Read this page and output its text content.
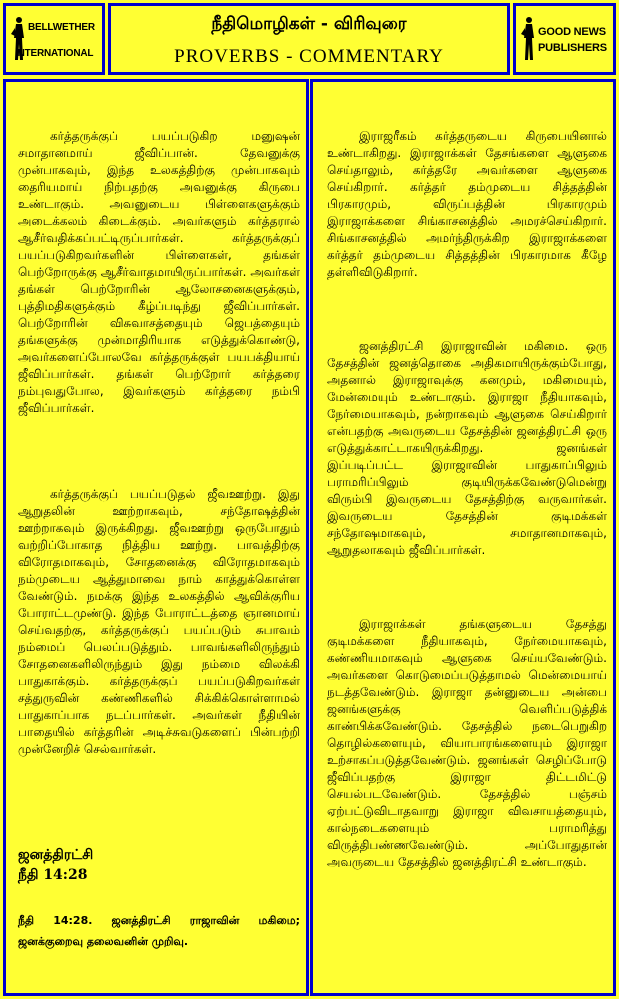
BELLWETHER
INTERNATIONAL
நீதிமொழிகள் - விரிவுரை
PROVERBS - COMMENTARY
GOOD NEWS
PUBLISHERS

கர்த்தருக்குப் பயப்படுகிற மனுஷன் சமாதானமாய் ஜீவிப்பான். தேவனுக்கு முன்பாகவும், இந்த உலகத்திற்கு முன்பாகவும் தைரியமாய் நிற்பதற்கு அவனுக்கு கிருபை உண்டாகும். அவனுடைய பிள்ளைகளுக்கும் அடைக்கலம் கிடைக்கும். அவர்களும் கர்த்தரால் ஆசீர்வதிக்கப்பட்டிருப்பார்கள். கர்த்தருக்குப் பயப்படுகிறவர்களின் பிள்ளைகள், தங்கள் பெற்றோருக்கு ஆசீர்வாதமாயிருப்பார்கள். அவர்கள் தங்கள் பெற்றோரின் ஆலோசனைகளுக்கும், புத்திமதிகளுக்கும் கீழ்ப்படிந்து ஜீவிப்பார்கள். பெற்றோரின் விசுவாசத்தையும் ஜெபத்தையும் தங்களுக்கு முன்மாதிரியாக எடுத்துக்கொண்டு, அவர்களைப்போலவே கர்த்தருக்குள் பயபக்தியாய் ஜீவிப்பார்கள். தங்கள் பெற்றோர் கர்த்தரை நம்புவதுபோல, இவர்களும் கர்த்தரை நம்பி ஜீவிப்பார்கள்.

கர்த்தருக்குப் பயப்படுதல் ஜீவஊற்று. இது ஆறுதலின் ஊற்றாகவும், சந்தோஷத்தின் ஊற்றாகவும் இருக்கிறது. ஜீவஊற்று ஒருபோதும் வற்றிப்போகாத நித்திய ஊற்று. பாவத்திற்கு விரோதமாகவும், சோதனைக்கு விரோதமாகவும் நம்முடைய ஆத்துமாவை நாம் காத்துக்கொள்ள வேண்டும். நமக்கு இந்த உலகத்தில் ஆவிக்குரிய போராட்டமுண்டு. இந்த போராட்டத்தை ஞானமாய் செய்வதற்கு, கர்த்தருக்குப் பயப்படும் சுபாவம் நம்மைப் பெலப்படுத்தும். பாவங்களிலிருந்தும் சோதனைகளிலிருந்தும் இது நம்மை விலக்கி பாதுகாக்கும். கர்த்தருக்குப் பயப்படுகிறவர்கள் சத்துருவின் கண்ணிகளில் சிக்கிக்கொள்ளாமல் பாதுகாப்பாக நடப்பார்கள். அவர்கள் நீதியின் பாதையில் கர்த்தரின் அடிச்சுவடுகளைப் பின்பற்றி முன்னேறிச் செல்வார்கள்.

ஜனத்திரட்சி

நீதி 14:28

நீதி 14:28. ஜனத்திரட்சி ராஜாவின் மகிமை; ஜனக்குறைவு தலைவனின் முறிவு.

இராஜரீகம் கர்த்தருடைய கிருபையினால் உண்டாகிறது. இராஜாக்கள் தேசங்களை ஆளுகை செய்தாலும், கர்த்தரே அவர்களை ஆளுகை செய்கிறார். கர்த்தர் தம்முடைய சித்தத்தின் பிரகாரமும், விருப்பத்தின் பிரகாரமும் இராஜாக்களை சிங்காசனத்தில் அமரச்செய்கிறார். சிங்காசனத்தில் அமர்ந்திருக்கிற இராஜாக்களை கர்த்தர் தம்முடைய சித்தத்தின் பிரகாரமாக கீழே தள்ளிவிடுகிறார்.

ஜனத்திரட்சி இராஜாவின் மகிமை. ஒரு தேசத்தின் ஜனத்தொகை அதிகமாயிருக்கும்போது, அதனால் இராஜாவுக்கு கனமும், மகிமையும், மேன்மையும் உண்டாகும். இராஜா நீதியாகவும், நேர்மையாகவும், நன்றாகவும் ஆளுகை செய்கிறார் என்பதற்கு அவருடைய தேசத்தின் ஜனத்திரட்சி ஒரு எடுத்துக்காட்டாகயிருக்கிறது. ஜனங்கள் இப்படிப்பட்ட இராஜாவின் பாதுகாப்பிலும் பராமரிப்பிலும் குடியிருக்கவேண்டுமென்று விரும்பி இவருடைய தேசத்திற்கு வருவார்கள். இவருடைய தேசத்தின் குடிமக்கள் சந்தோஷமாகவும், சமாதானமாகவும், ஆறுதலாகவும் ஜீவிப்பார்கள்.

இராஜாக்கள் தங்களுடைய தேசத்து குடிமக்களை நீதியாகவும், நேர்மையாகவும், கண்ணியமாகவும் ஆளுகை செய்யவேண்டும். அவர்களை கொடுமைப்படுத்தாமல் மென்மையாய் நடத்தவேண்டும். இராஜா தன்னுடைய அன்பை ஜனங்களுக்கு வெளிப்படுத்திக் காண்பிக்கவேண்டும். தேசத்தில் நடைபெறுகிற தொழில்களையும், வியாபாரங்களையும் இராஜா உற்சாகப்படுத்தவேண்டும். ஜனங்கள் செழிப்போடு ஜீவிப்பதற்கு இராஜா திட்டமிட்டு செயல்படவேண்டும். தேசத்தில் பஞ்சம் ஏற்பட்டுவிடாதவாறு இராஜா விவசாயத்தையும், கால்நடைகளையும் பராமரித்து விருத்திபண்ணவேண்டும். அப்போதுதான் அவருடைய தேசத்தில் ஜனத்திரட்சி உண்டாகும்.
